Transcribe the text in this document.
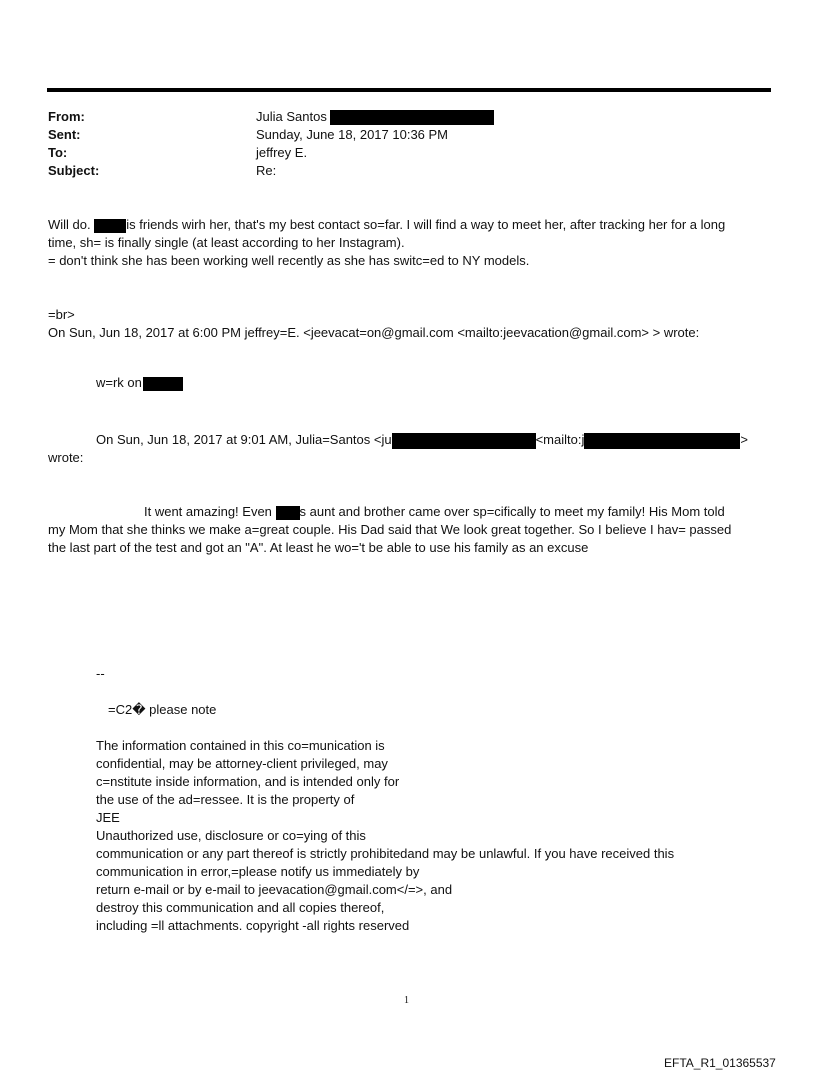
From:	Julia Santos
Sent:	Sunday, June 18, 2017 10:36 PM
To:	jeffrey E.
Subject:	Re:
Will do.	is friends wirh her, that's my best contact so=far. I will find a way to meet her, after tracking her for a long
time, sh= is finally single (at least according to her Instagram).
= don't think she has been working well recently as she has switc=ed to NY models.
=br>
On Sun, Jun 18, 2017 at 6:00 PM jeffrey=E. <jeevacat=on@gmail.com <mailto:jeevacation@gmail.com> > wrote:
w=rk on
On Sun, Jun 18, 2017 at 9:01 AM, Julia=Santos <ju	<mailto:j	>
wrote:
It went amazing! Even s aunt and brother came over sp=cifically to meet my family! His Mom told
my Mom that she thinks we make a=great couple. His Dad said that We look great together. So I believe I hav= passed
the last part of the test and got an "A". At least he wo='t be able to use his family as an excuse
--
=C2� please note
The information contained in this co=munication is
confidential, may be attorney-client privileged, may
c=nstitute inside information, and is intended only for
the use of the ad=ressee. It is the property of
JEE
Unauthorized use, disclosure or co=ying of this
communication or any part thereof is strictly prohibitedand may be unlawful. If you have received this
communication in error,=please notify us immediately by
return e-mail or by e-mail to jeevacation@gmail.com</=>, and
destroy this communication and all copies thereof,
including =ll attachments. copyright -all rights reserved
1
EFTA_R1_01365537
